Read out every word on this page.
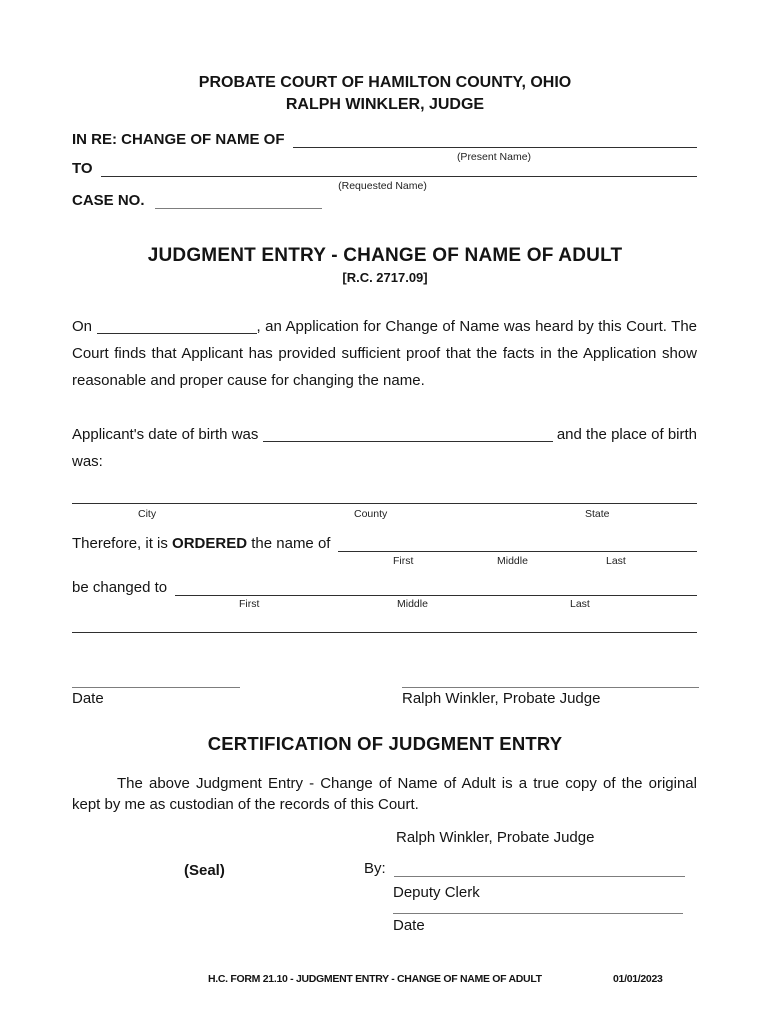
PROBATE COURT OF HAMILTON COUNTY, OHIO
RALPH WINKLER, JUDGE
IN RE: CHANGE OF NAME OF
(Present Name)
TO
(Requested Name)
CASE NO.
JUDGMENT ENTRY - CHANGE OF NAME OF ADULT
[R.C. 2717.09]
On	, an Application for Change of Name was heard by this Court. The
Court finds that Applicant has provided sufficient proof that the facts in the Application show
reasonable and proper cause for changing the name.
Applicant's date of birth was	and the place of birth
was:
City	County	State
Therefore, it is
ORDERED
the name of
First	Middle	Last
be changed to
First	Middle	Last
Date	Ralph Winkler, Probate Judge
CERTIFICATION OF JUDGMENT ENTRY
The above Judgment Entry - Change of Name of Adult is a true copy of the original kept by me as custodian of the records of this Court.
Ralph Winkler, Probate Judge
(Seal)	By:
Deputy Clerk
Date
H.C. FORM 21.10 - JUDGMENT ENTRY - CHANGE OF NAME OF ADULT	01/01/2023
